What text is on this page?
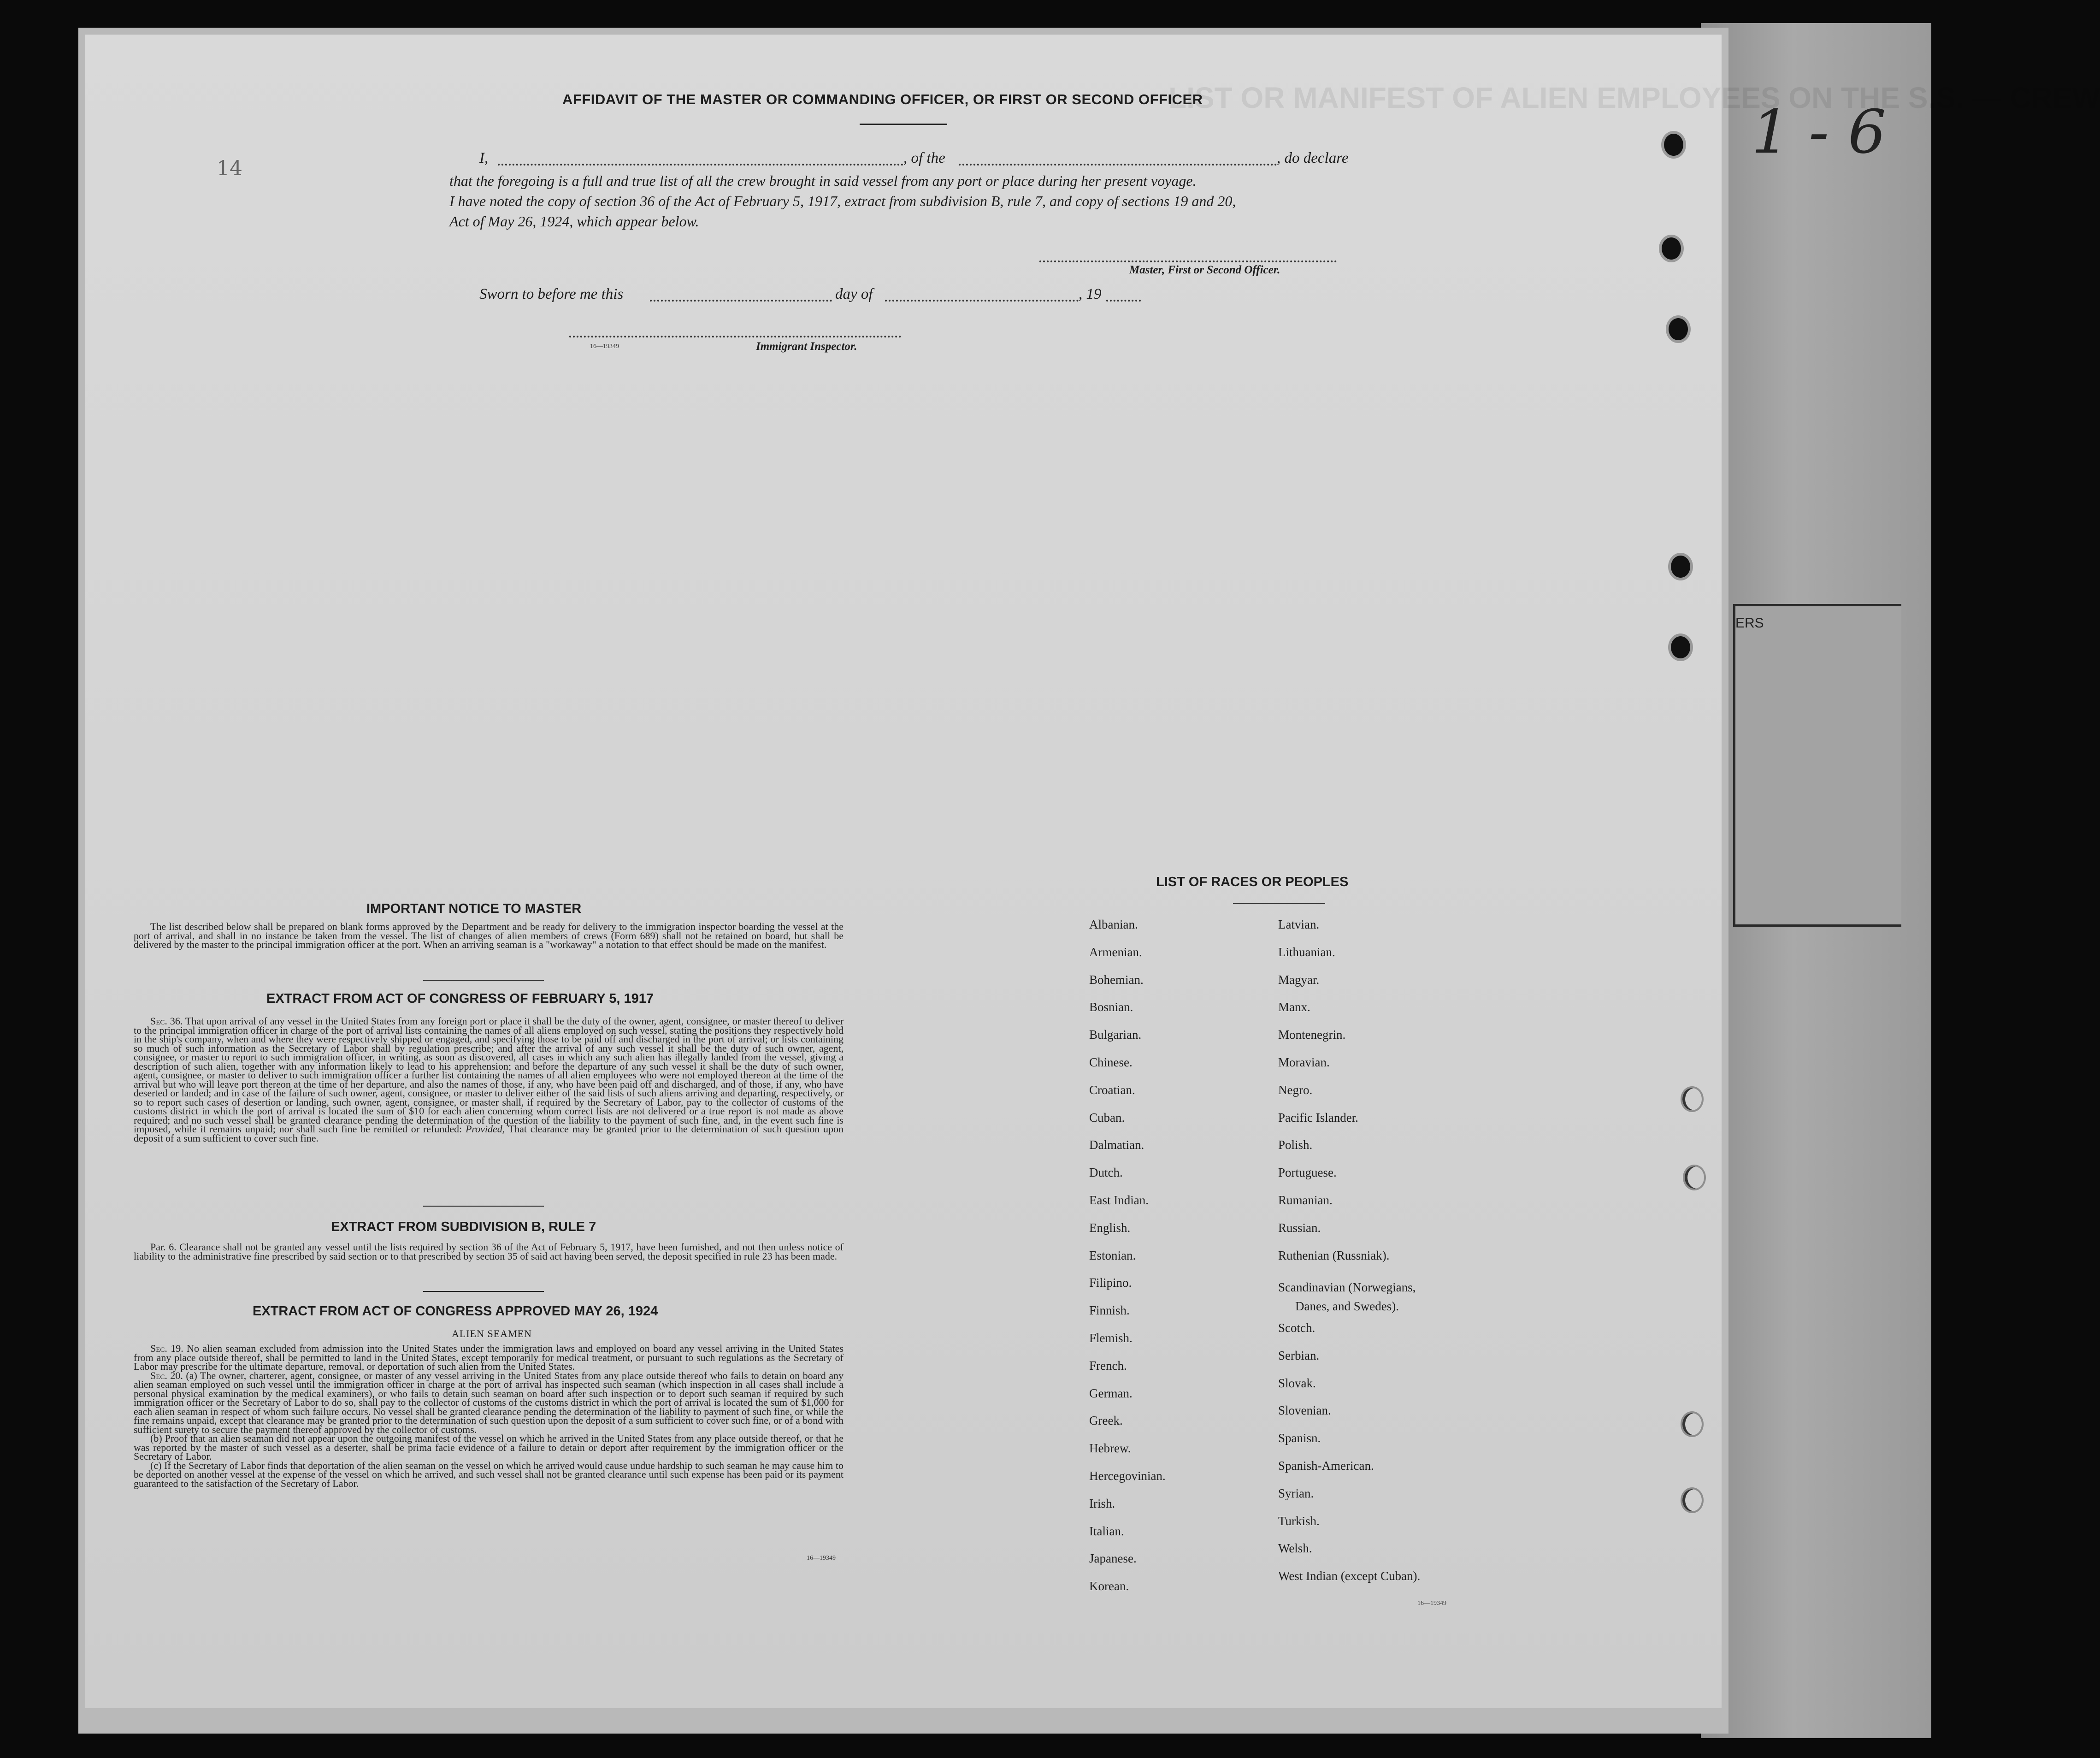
ERS
1 - 6
LIST OR MANIFEST OF ALIEN EMPLOYEES ON THE S.S. — CREW
AFFIDAVIT OF THE MASTER OR COMMANDING OFFICER, OR FIRST OR SECOND OFFICER
I,	, of the	, do declare
that the foregoing is a full and true list of all the crew brought in said vessel from any port or place during her present voyage.
I have noted the copy of section 36 of the Act of February 5, 1917, extract from subdivision B, rule 7, and copy of sections 19 and 20,
Act of May 26, 1924, which appear below.
Master, First or Second Officer.
Sworn to before me this	day of	, 19
16—19349	Immigrant Inspector.
IMPORTANT NOTICE TO MASTER

The list described below shall be prepared on blank forms approved by the Department and be ready for delivery to the immigration inspector boarding the vessel at the port of arrival, and shall in no instance be taken from the vessel. The list of changes of alien members of crews (Form 689) shall not be retained on board, but shall be delivered by the master to the principal immigration officer at the port. When an arriving seaman is a "workaway" a notation to that effect should be made on the manifest.

EXTRACT FROM ACT OF CONGRESS OF FEBRUARY 5, 1917

Sec. 36. That upon arrival of any vessel in the United States from any foreign port or place it shall be the duty of the owner, agent, consignee, or master thereof to deliver to the principal immigration officer in charge of the port of arrival lists containing the names of all aliens employed on such vessel, stating the positions they respectively hold in the ship's company, when and where they were respectively shipped or engaged, and specifying those to be paid off and discharged in the port of arrival; or lists containing so much of such information as the Secretary of Labor shall by regulation prescribe; and after the arrival of any such vessel it shall be the duty of such owner, agent, consignee, or master to report to such immigration officer, in writing, as soon as discovered, all cases in which any such alien has illegally landed from the vessel, giving a description of such alien, together with any information likely to lead to his apprehension; and before the departure of any such vessel it shall be the duty of such owner, agent, consignee, or master to deliver to such immigration officer a further list containing the names of all alien employees who were not employed thereon at the time of the arrival but who will leave port thereon at the time of her departure, and also the names of those, if any, who have been paid off and discharged, and of those, if any, who have deserted or landed; and in case of the failure of such owner, agent, consignee, or master to deliver either of the said lists of such aliens arriving and departing, respectively, or so to report such cases of desertion or landing, such owner, agent, consignee, or master shall, if required by the Secretary of Labor, pay to the collector of customs of the customs district in which the port of arrival is located the sum of $10 for each alien concerning whom correct lists are not delivered or a true report is not made as above required; and no such vessel shall be granted clearance pending the determination of the question of the liability to the payment of such fine, and, in the event such fine is imposed, while it remains unpaid; nor shall such fine be remitted or refunded: Provided, That clearance may be granted prior to the determination of such question upon deposit of a sum sufficient to cover such fine.

EXTRACT FROM SUBDIVISION B, RULE 7

Par. 6. Clearance shall not be granted any vessel until the lists required by section 36 of the Act of February 5, 1917, have been furnished, and not then unless notice of liability to the administrative fine prescribed by said section or to that prescribed by section 35 of said act having been served, the deposit specified in rule 23 has been made.

EXTRACT FROM ACT OF CONGRESS APPROVED MAY 26, 1924
ALIEN SEAMEN

Sec. 19. No alien seaman excluded from admission into the United States under the immigration laws and employed on board any vessel arriving in the United States from any place outside thereof, shall be permitted to land in the United States, except temporarily for medical treatment, or pursuant to such regulations as the Secretary of Labor may prescribe for the ultimate departure, removal, or deportation of such alien from the United States.

Sec. 20. (a) The owner, charterer, agent, consignee, or master of any vessel arriving in the United States from any place outside thereof who fails to detain on board any alien seaman employed on such vessel until the immigration officer in charge at the port of arrival has inspected such seaman (which inspection in all cases shall include a personal physical examination by the medical examiners), or who fails to detain such seaman on board after such inspection or to deport such seaman if required by such immigration officer or the Secretary of Labor to do so, shall pay to the collector of customs of the customs district in which the port of arrival is located the sum of $1,000 for each alien seaman in respect of whom such failure occurs. No vessel shall be granted clearance pending the determination of the liability to payment of such fine, or while the fine remains unpaid, except that clearance may be granted prior to the determination of such question upon the deposit of a sum sufficient to cover such fine, or of a bond with sufficient surety to secure the payment thereof approved by the collector of customs.

(b) Proof that an alien seaman did not appear upon the outgoing manifest of the vessel on which he arrived in the United States from any place outside thereof, or that he was reported by the master of such vessel as a deserter, shall be prima facie evidence of a failure to detain or deport after requirement by the immigration officer or the Secretary of Labor.

(c) If the Secretary of Labor finds that deportation of the alien seaman on the vessel on which he arrived would cause undue hardship to such seaman he may cause him to be deported on another vessel at the expense of the vessel on which he arrived, and such vessel shall not be granted clearance until such expense has been paid or its payment guaranteed to the satisfaction of the Secretary of Labor.

16—19349
LIST OF RACES OR PEOPLES
Albanian.
Armenian.
Bohemian.
Bosnian.
Bulgarian.
Chinese.
Croatian.
Cuban.
Dalmatian.
Dutch.
East Indian.
English.
Estonian.
Filipino.
Finnish.
Flemish.
French.
German.
Greek.
Hebrew.
Hercegovinian.
Irish.
Italian.
Japanese.
Korean.
Latvian.
Lithuanian.
Magyar.
Manx.
Montenegrin.
Moravian.
Negro.
Pacific Islander.
Polish.
Portuguese.
Rumanian.
Russian.
Ruthenian (Russniak).
Scandinavian (Norwegians,
Scotch.
Serbian.
Slovak.
Slovenian.
Spanisn.
Spanish-American.
Syrian.
Turkish.
Welsh.
West Indian (except Cuban).
Danes, and Swedes).
16—19349
14
